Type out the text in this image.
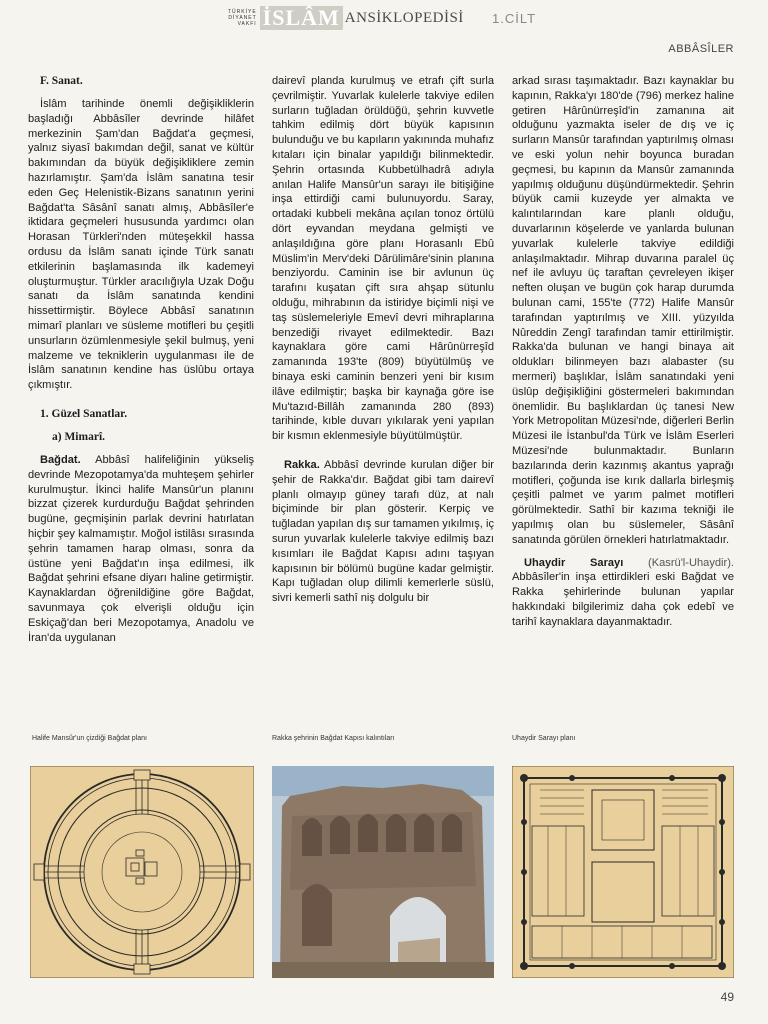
TÜRKİYE
DİYANET
VAKFI İSLÂM ANSİKLOPEDİSİ 1.CİLT
ABBÂSÎLER
F. Sanat.

İslâm tarihinde önemli değişikliklerin başladığı Abbâsîler devrinde hilâfet merkezinin Şam'dan Bağdat'a geçmesi, yalnız siyasî bakımdan değil, sanat ve kültür bakımından da büyük değişikliklere zemin hazırlamıştır. Şam'da İslâm sanatına tesir eden Geç Helenistik-Bizans sanatının yerini Bağdat'ta Sâsânî sanatı almış, Abbâsîler'e iktidara geçmeleri hususunda yardımcı olan Horasan Türkleri'nden müteşekkil hassa ordusu da İslâm sanatı içinde Türk sanatı etkilerinin başlamasında ilk kademeyi oluşturmuştur. Türkler aracılığıyla Uzak Doğu sanatı da İslâm sanatında kendini hissettirmiştir. Böylece Abbâsî sanatının mimarî planları ve süsleme motifleri bu çeşitli unsurların özümlenmesiyle şekil bulmuş, yeni malzeme ve tekniklerin uygulanması ile de İslâm sanatının kendine has üslûbu ortaya çıkmıştır.

1. Güzel Sanatlar.
a) Mimarî.

Bağdat. Abbâsî halifeliğinin yükseliş devrinde Mezopotamya'da muhteşem şehirler kurulmuştur. İkinci halife Mansûr'un planını bizzat çizerek kurdurduğu Bağdat şehrinden bugüne, geçmişinin parlak devrini hatırlatan hiçbir şey kalmamıştır. Moğol istilâsı sırasında şehrin tamamen harap olması, sonra da üstüne yeni Bağdat'ın inşa edilmesi, ilk Bağdat şehrini efsane diyarı haline getirmiştir. Kaynaklardan öğrenildiğine göre Bağdat, savunmaya çok elverişli olduğu için Eskiçağ'dan beri Mezopotamya, Anadolu ve İran'da uygulanan

dairevî planda kurulmuş ve etrafı çift surla çevrilmiştir. Yuvarlak kulelerle takviye edilen surların tuğladan örüldüğü, şehrin kuvvetle tahkim edilmiş dört büyük kapısının bulunduğu ve bu kapıların yakınında muhafız kıtaları için binalar yapıldığı bilinmektedir. Şehrin ortasında Kubbetülhadrâ adıyla anılan Halife Mansûr'un sarayı ile bitişiğine inşa ettirdiği cami bulunuyordu. Saray, ortadaki kubbeli mekâna açılan tonoz örtülü dört eyvandan meydana gelmişti ve anlaşıldığına göre planı Horasanlı Ebû Müslim'in Merv'deki Dârülimâre'sinin planına benziyordu. Caminin ise bir avlunun üç tarafını kuşatan çift sıra ahşap sütunlu olduğu, mihrabının da istiridye biçimli nişi ve taş süslemeleriyle Emevî devri mihraplarına benzediği rivayet edilmektedir. Bazı kaynaklara göre cami Hârûnürreşîd zamanında 193'te (809) büyütülmüş ve binaya eski caminin benzeri yeni bir kısım ilâve edilmiştir; başka bir kaynağa göre ise Mu'tazıd-Billâh zamanında 280 (893) tarihinde, kıble duvarı yıkılarak yeni yapılan bir kısmın eklenmesiyle büyütülmüştür.

Rakka. Abbâsî devrinde kurulan diğer bir şehir de Rakka'dır. Bağdat gibi tam dairevî planlı olmayıp güney tarafı düz, at nalı biçiminde bir plan gösterir. Kerpiç ve tuğladan yapılan dış sur tamamen yıkılmış, iç surun yuvarlak kulelerle takviye edilmiş bazı kısımları ile Bağdat Kapısı adını taşıyan kapısının bir bölümü bugüne kadar gelmiştir. Kapı tuğladan olup dilimli kemerlerle süslü, sivri kemerli sathî niş dolgulu bir

arkad sırası taşımaktadır. Bazı kaynaklar bu kapının, Rakka'yı 180'de (796) merkez haline getiren Hârûnürreşîd'in zamanına ait olduğunu yazmakta iseler de dış ve iç surların Mansûr tarafından yaptırılmış olması ve eski yolun nehir boyunca buradan geçmesi, bu kapının da Mansûr zamanında yapılmış olduğunu düşündürmektedir. Şehrin büyük camii kuzeyde yer almakta ve kalıntılarından kare planlı olduğu, duvarlarının köşelerde ve yanlarda bulunan yuvarlak kulelerle takviye edildiği anlaşılmaktadır. Mihrap duvarına paralel üç nef ile avluyu üç taraftan çevreleyen ikişer neften oluşan ve bugün çok harap durumda bulunan cami, 155'te (772) Halife Mansûr tarafından yaptırılmış ve XIII. yüzyılda Nûreddin Zengî tarafından tamir ettirilmiştir. Rakka'da bulunan ve hangi binaya ait oldukları bilinmeyen bazı alabaster (su mermeri) başlıklar, İslâm sanatındaki yeni üslûp değişikliğini göstermeleri bakımından önemlidir. Bu başlıklardan üç tanesi New York Metropolitan Müzesi'nde, diğerleri Berlin Müzesi ile İstanbul'da Türk ve İslâm Eserleri Müzesi'nde bulunmaktadır. Bunların bazılarında derin kazınmış akantus yaprağı motifleri, çoğunda ise kırık dallarla birleşmiş çeşitli palmet ve yarım palmet motifleri görülmektedir. Sathî bir kazıma tekniği ile yapılmış olan bu süslemeler, Sâsânî sanatında görülen örnekleri hatırlatmaktadır.

Uhaydir Sarayı (Kasrü'l-Uhaydir). Abbâsîler'in inşa ettirdikleri eski Bağdat ve Rakka şehirlerinde bulunan yapılar hakkındaki bilgilerimiz daha çok edebî ve tarihî kaynaklara dayanmaktadır.

Halife Mansûr'un çizdiği Bağdat planı	Rakka şehrinin Bağdat Kapısı kalıntıları	Uhaydir Sarayı planı
49
